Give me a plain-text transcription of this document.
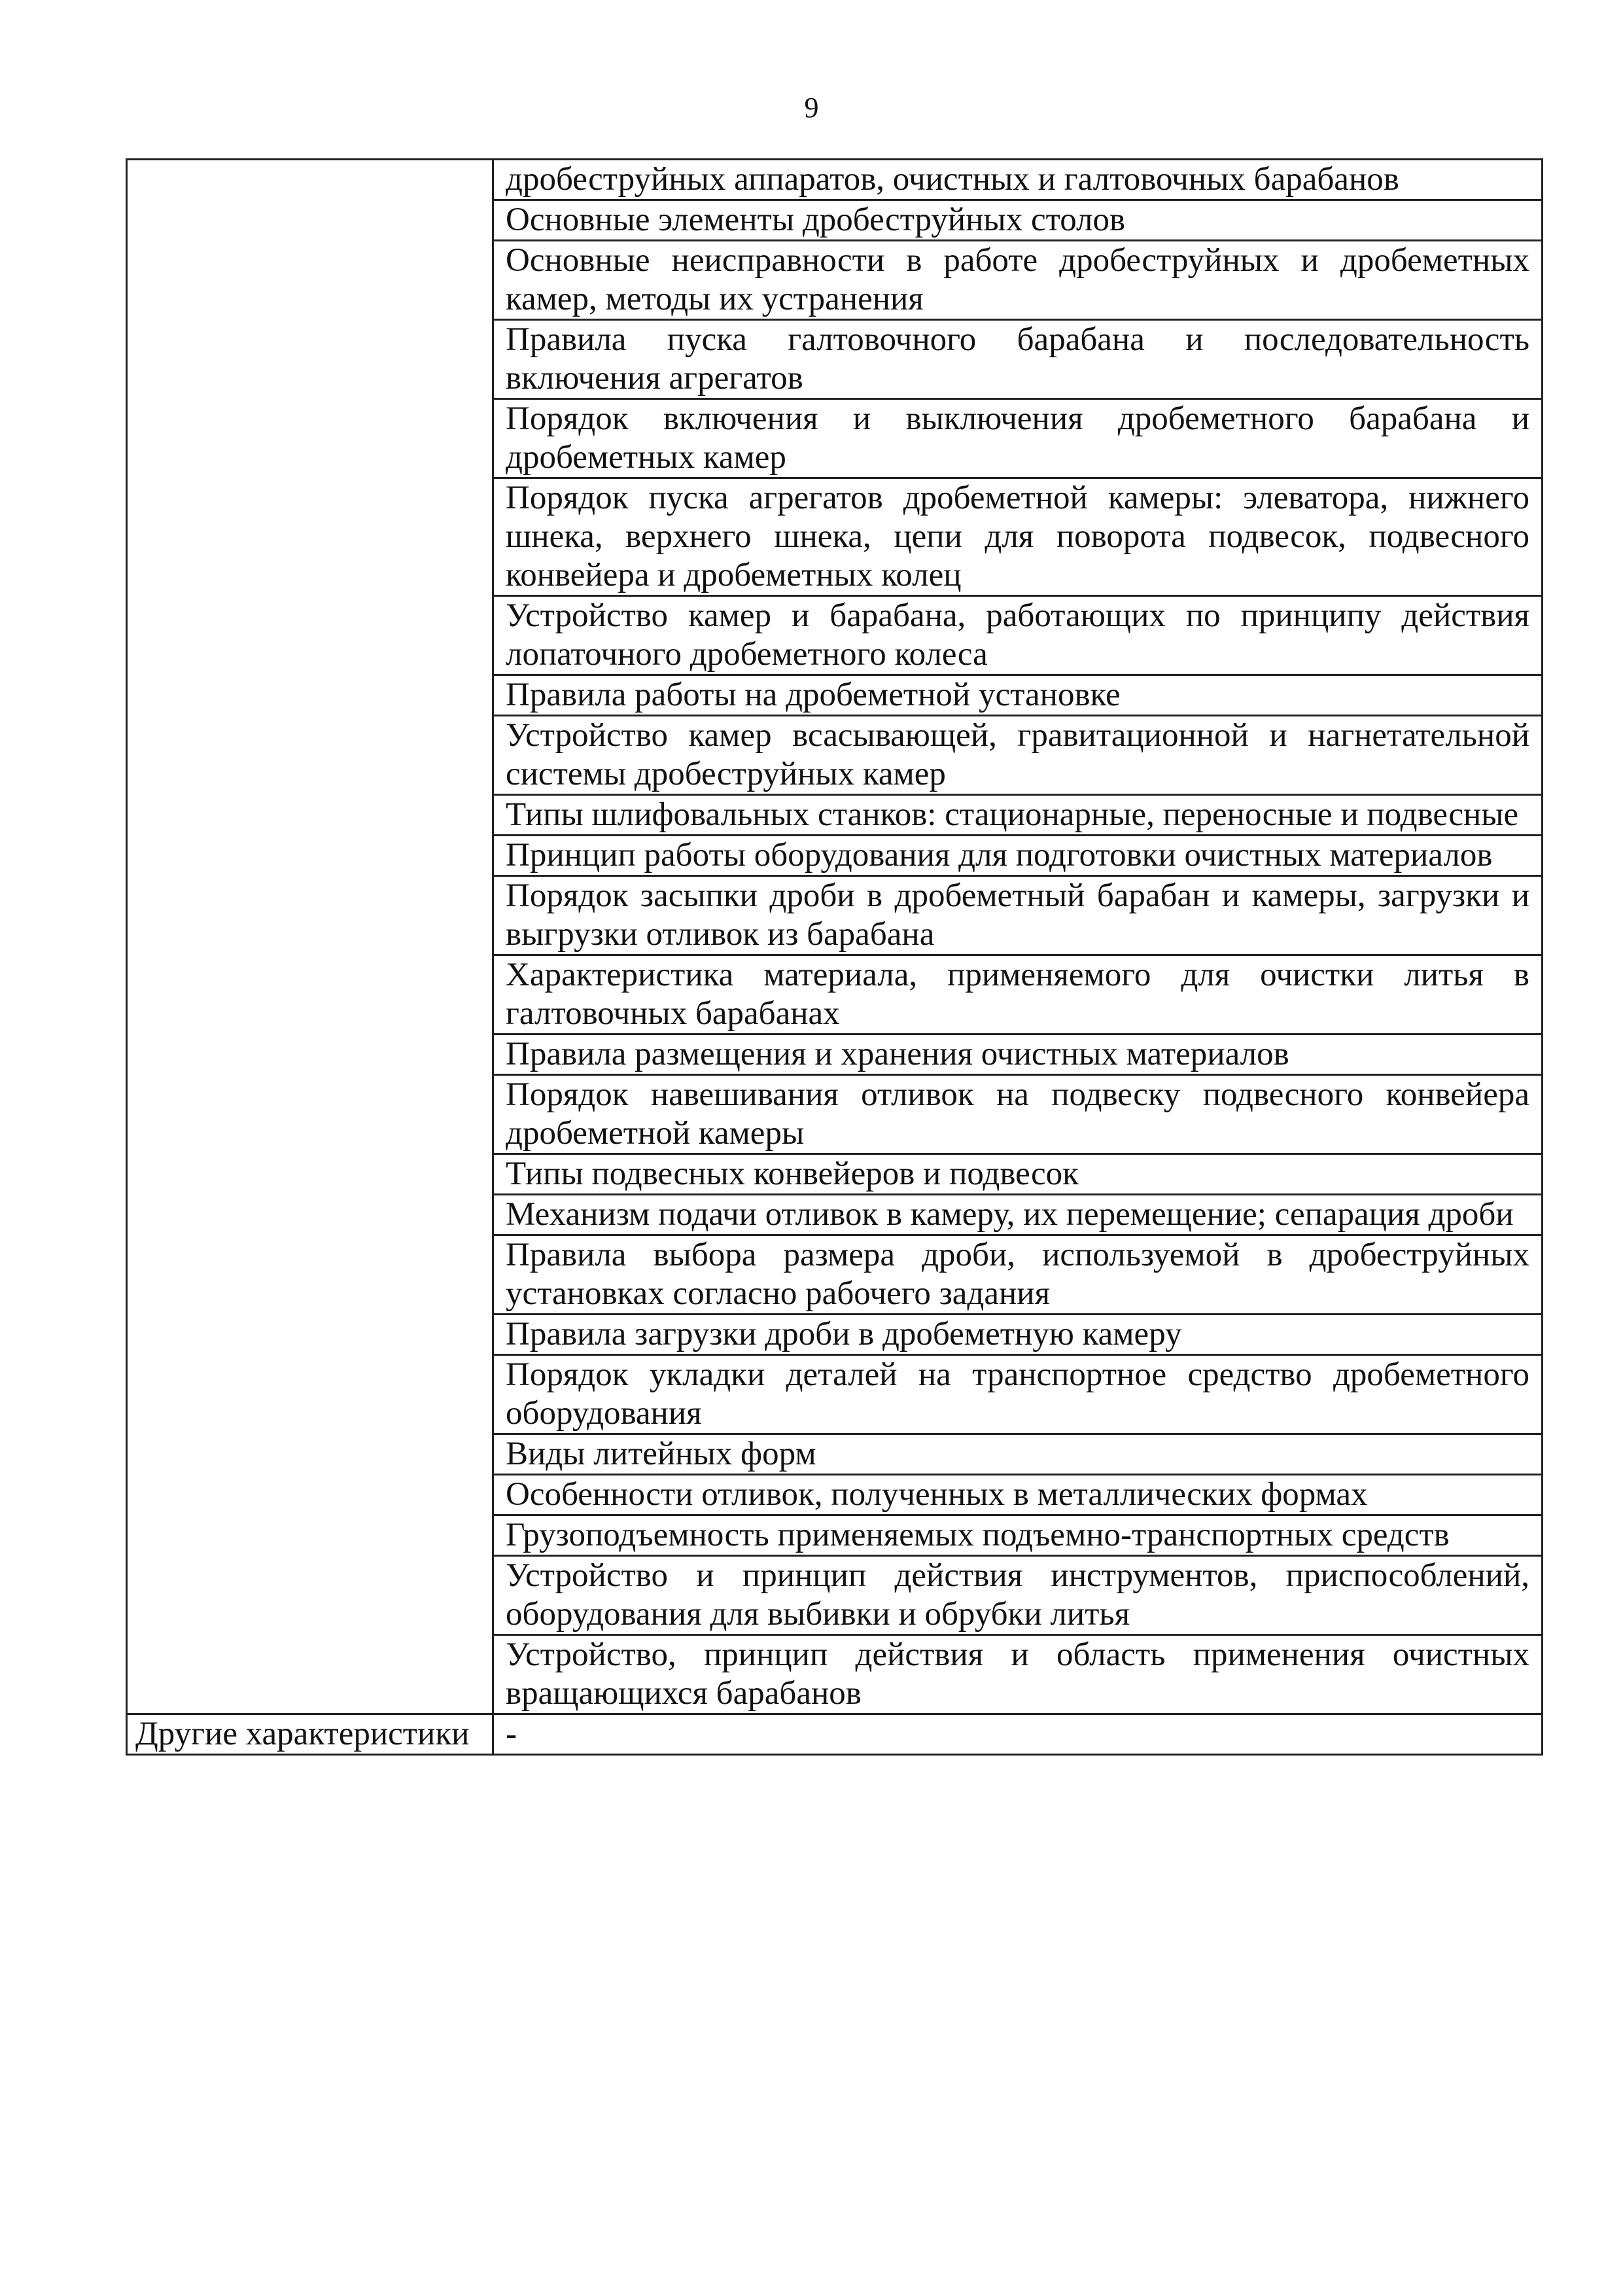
9
	дробеструйных аппаратов, очистных и галтовочных барабанов
	Основные элементы дробеструйных столов
	Основные неисправности в работе дробеструйных и дробеметных камер, методы их устранения
	Правила пуска галтовочного барабана и последовательность включения агрегатов
	Порядок включения и выключения дробеметного барабана и дробеметных камер
	Порядок пуска агрегатов дробеметной камеры: элеватора, нижнего шнека, верхнего шнека, цепи для поворота подвесок, подвесного конвейера и дробеметных колец
	Устройство камер и барабана, работающих по принципу действия лопаточного дробеметного колеса
	Правила работы на дробеметной установке
	Устройство камер всасывающей, гравитационной и нагнетательной системы дробеструйных камер
	Типы шлифовальных станков: стационарные, переносные и подвесные
	Принцип работы оборудования для подготовки очистных материалов
	Порядок засыпки дроби в дробеметный барабан и камеры, загрузки и выгрузки отливок из барабана
	Характеристика материала, применяемого для очистки литья в галтовочных барабанах
	Правила размещения и хранения очистных материалов
	Порядок навешивания отливок на подвеску подвесного конвейера дробеметной камеры
	Типы подвесных конвейеров и подвесок
	Механизм подачи отливок в камеру, их перемещение; сепарация дроби
	Правила выбора размера дроби, используемой в дробеструйных установках согласно рабочего задания
	Правила загрузки дроби в дробеметную камеру
	Порядок укладки деталей на транспортное средство дробеметного оборудования
	Виды литейных форм
	Особенности отливок, полученных в металлических формах
	Грузоподъемность применяемых подъемно-транспортных средств
	Устройство и принцип действия инструментов, приспособлений, оборудования для выбивки и обрубки литья
	Устройство, принцип действия и область применения очистных вращающихся барабанов
Другие характеристики	-
